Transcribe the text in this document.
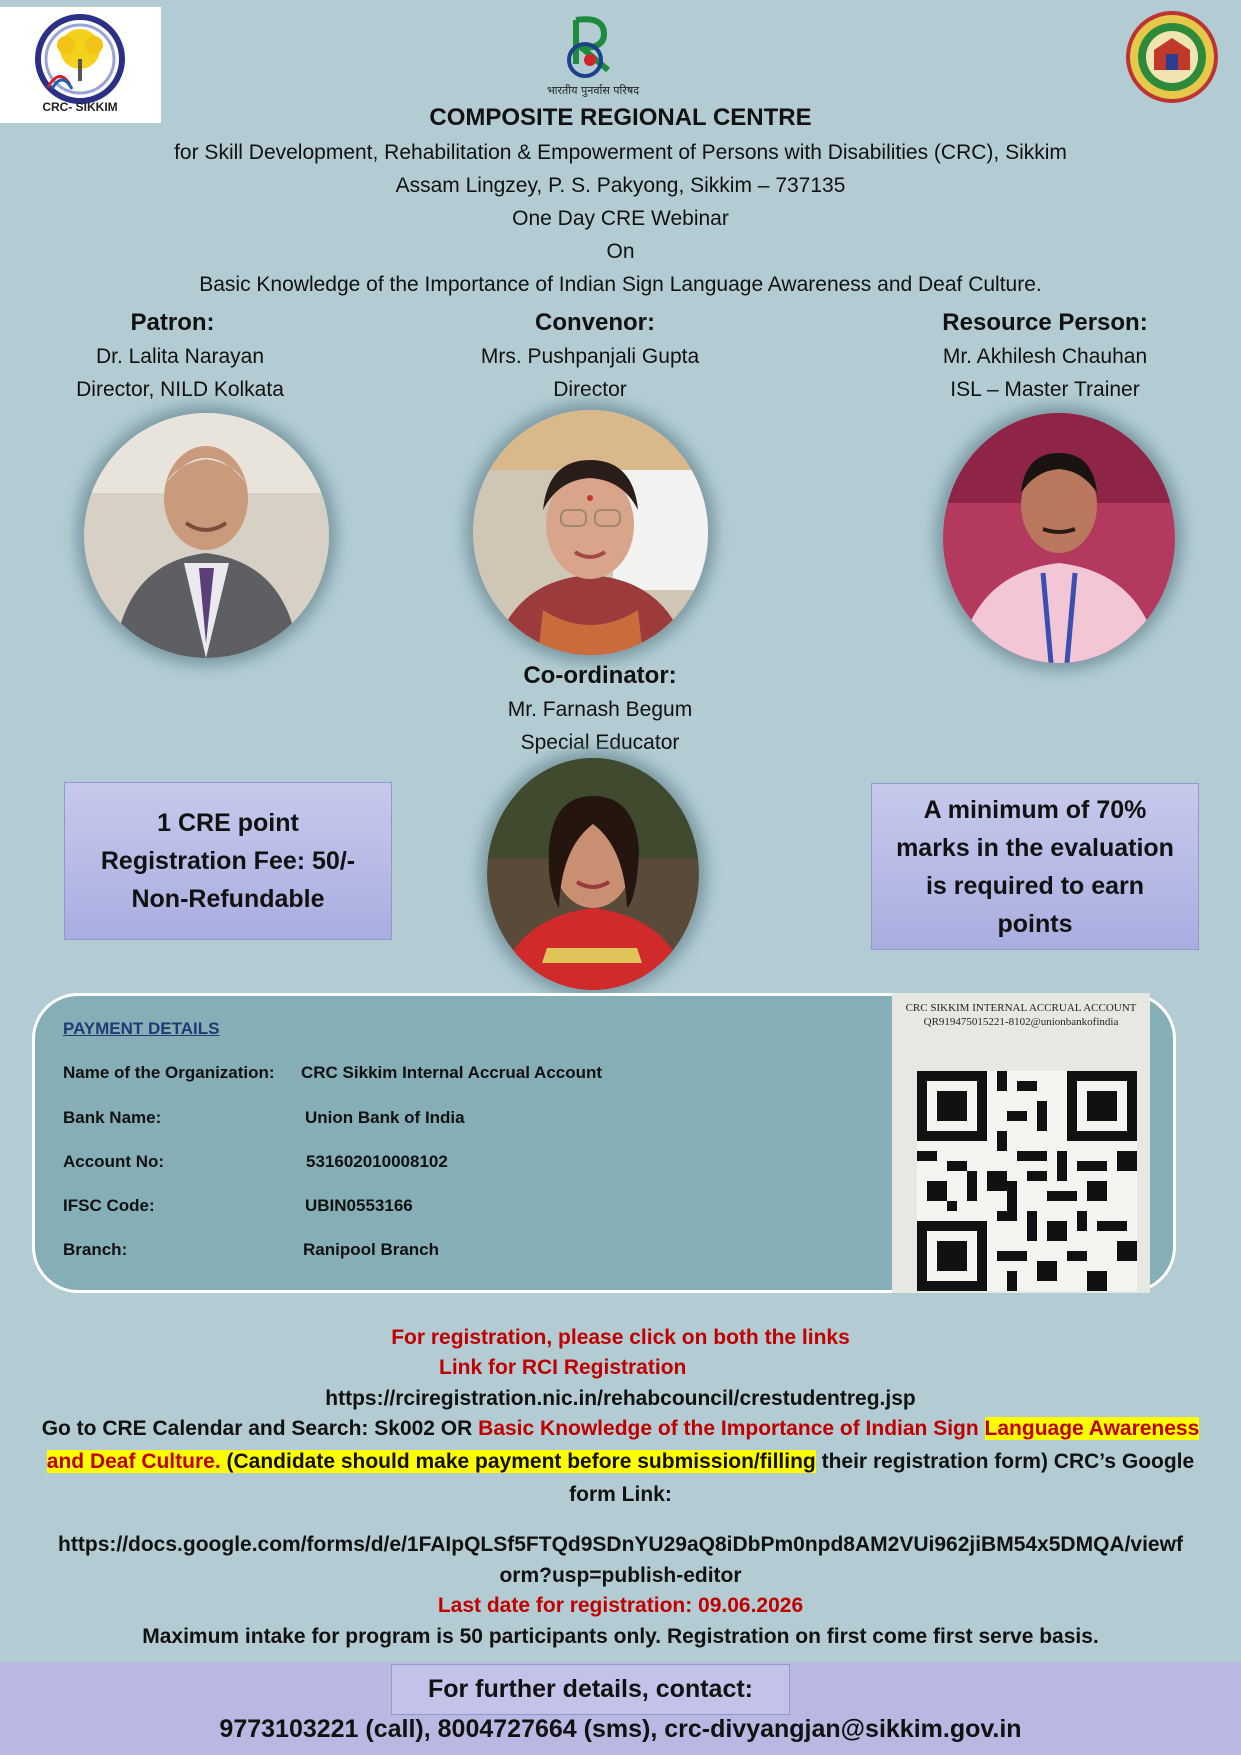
CRC- SIKKIM
भारतीय पुनर्वास परिषद
COMPOSITE REGIONAL CENTRE
for Skill Development, Rehabilitation & Empowerment of Persons with Disabilities (CRC), Sikkim
Assam Lingzey, P. S. Pakyong, Sikkim – 737135
One Day CRE Webinar
On
Basic Knowledge of the Importance of Indian Sign Language Awareness and Deaf Culture.
Patron:
Dr. Lalita Narayan
Director, NILD Kolkata
Convenor:
Mrs. Pushpanjali Gupta
Director
Resource Person:
Mr. Akhilesh Chauhan
ISL – Master Trainer
Co-ordinator:
Mr. Farnash Begum
Special Educator
1 CRE point Registration Fee: 50/- Non-Refundable
A minimum of 70% marks in the evaluation is required to earn points
PAYMENT DETAILS
Name of the Organization: CRC Sikkim Internal Accrual Account
Bank Name:	Union Bank of India
Account No:	531602010008102
IFSC Code:	UBIN0553166
Branch:	Ranipool Branch
CRC SIKKIM INTERNAL ACCRUAL ACCOUNT
QR919475015221-8102@unionbankofindia
For registration, please click on both the links
Link for RCI Registration
https://rciregistration.nic.in/rehabcouncil/crestudentreg.jsp
Go to CRE Calendar and Search: Sk002 OR Basic Knowledge of the Importance of Indian Sign Language Awareness
and Deaf Culture. (Candidate should make payment before submission/filling their registration form) CRC’s Google
form Link:
https://docs.google.com/forms/d/e/1FAIpQLSf5FTQd9SDnYU29aQ8iDbPm0npd8AM2VUi962jiBM54x5DMQA/viewf
orm?usp=publish-editor
Last date for registration: 09.06.2026
Maximum intake for program is 50 participants only. Registration on first come first serve basis.
For further details, contact:
9773103221 (call), 8004727664 (sms), crc-divyangjan@sikkim.gov.in
